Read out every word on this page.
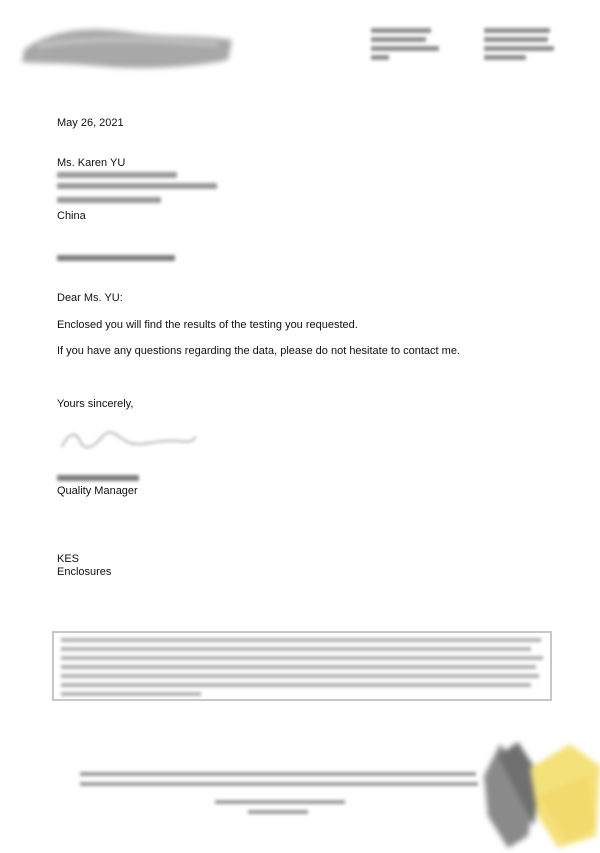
May 26, 2021
Ms. Karen YU
China
Dear Ms. YU:
Enclosed you will find the results of the testing you requested.
If you have any questions regarding the data, please do not hesitate to contact me.
Yours sincerely,
Quality Manager
KES
Enclosures
